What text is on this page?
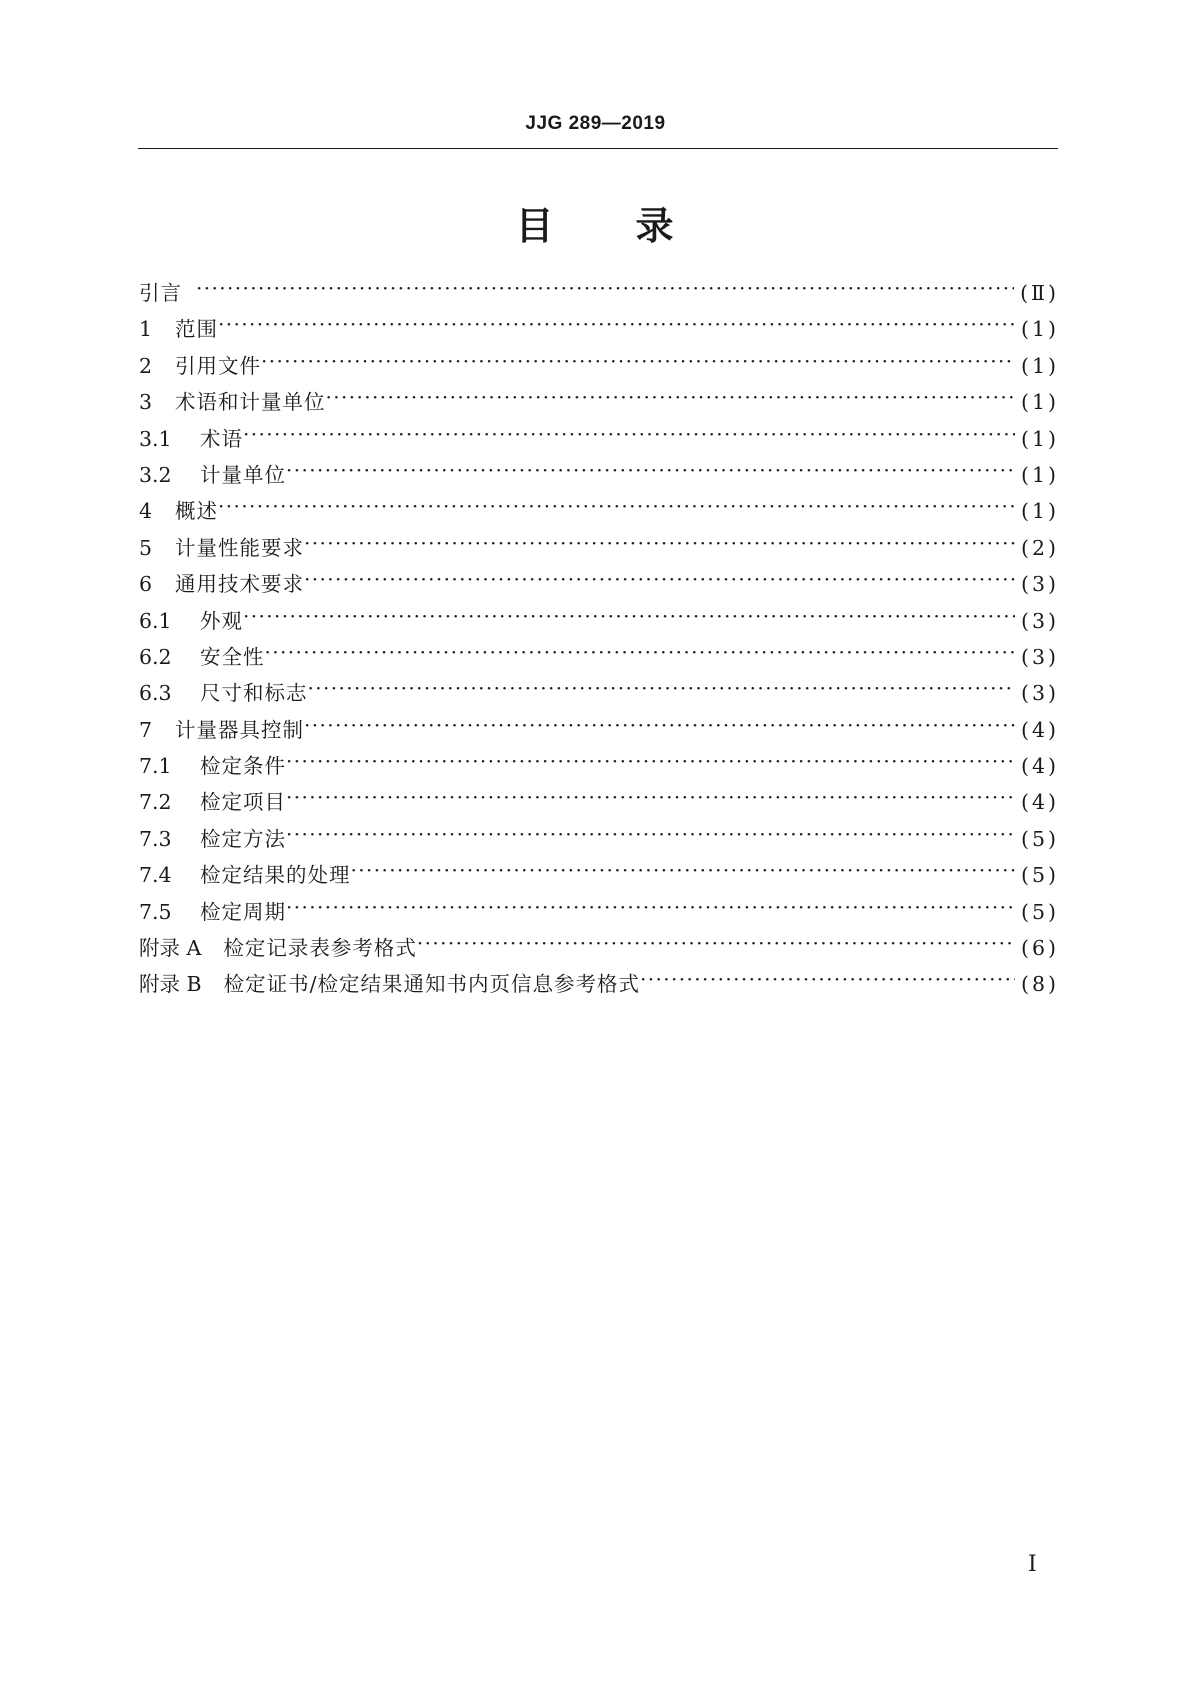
JJG 289—2019
目 录
引言 ·····	(Ⅱ)
1	范围 ·····	(1)
2	引用文件 ·····	(1)
3	术语和计量单位 ·····	(1)
3.1	术语 ·····	(1)
3.2	计量单位 ·····	(1)
4	概述 ·····	(1)
5	计量性能要求 ·····	(2)
6	通用技术要求 ·····	(3)
6.1	外观 ·····	(3)
6.2	安全性 ·····	(3)
6.3	尺寸和标志 ·····	(3)
7	计量器具控制 ·····	(4)
7.1	检定条件 ·····	(4)
7.2	检定项目 ·····	(4)
7.3	检定方法 ·····	(5)
7.4	检定结果的处理 ·····	(5)
7.5	检定周期 ·····	(5)
附录 A 检定记录表参考格式 ·····	(6)
附录 B 检定证书/检定结果通知书内页信息参考格式 ·····	(8)
Ⅰ
